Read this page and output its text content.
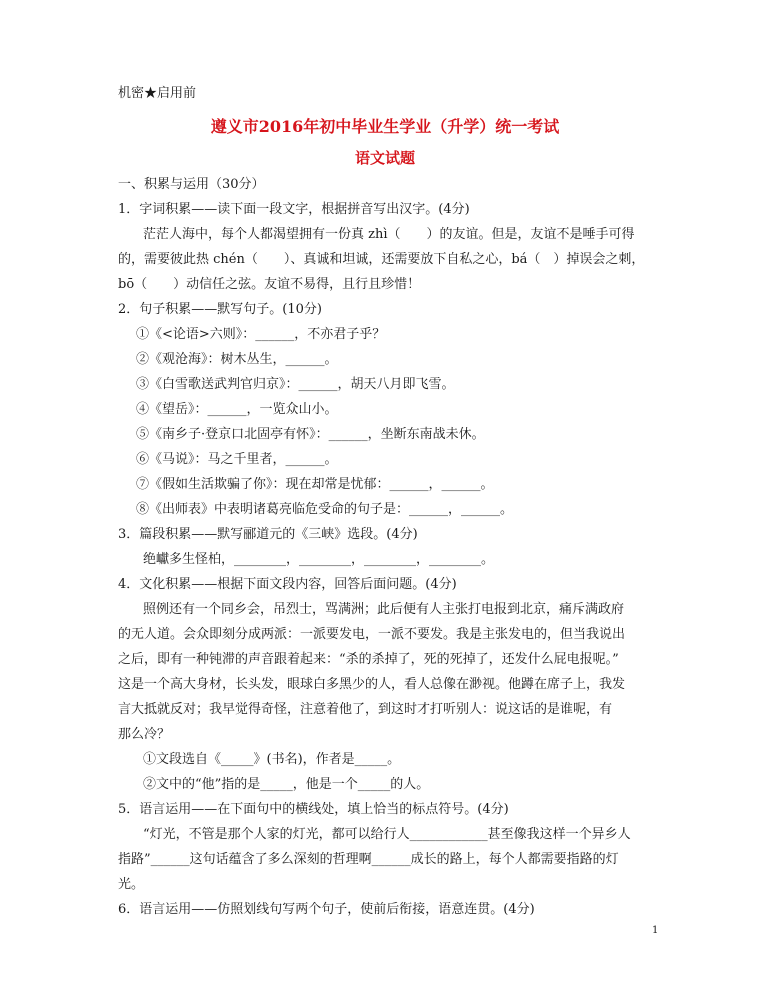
机密★启用前
遵义市2016年初中毕业生学业（升学）统一考试
语文试题
一、积累与运用（30分）
1．字词积累——读下面一段文字，根据拼音写出汉字。(4分)
茫茫人海中，每个人都渴望拥有一份真 zhì（　　）的友谊。但是，友谊不是唾手可得
的，需要彼此热 chén（　　）、真诚和坦诚，还需要放下自私之心，bá（　）掉误会之刺，
bō（　　）动信任之弦。友谊不易得，且行且珍惜！
2．句子积累——默写句子。(10分)
①《<论语>六则》：______，不亦君子乎？
②《观沧海》：树木丛生，______。
③《白雪歌送武判官归京》：______，胡天八月即飞雪。
④《望岳》：______，一览众山小。
⑤《南乡子·登京口北固亭有怀》：______，坐断东南战未休。
⑥《马说》：马之千里者，______。
⑦《假如生活欺骗了你》：现在却常是忧郁：______，______。
⑧《出师表》中表明诸葛亮临危受命的句子是：______，______。
3．篇段积累——默写郦道元的《三峡》选段。(4分)
绝巘多生怪柏，________，________，________，________。
4．文化积累——根据下面文段内容，回答后面问题。(4分)
照例还有一个同乡会，吊烈士，骂满洲；此后便有人主张打电报到北京，痛斥满政府
的无人道。会众即刻分成两派：一派要发电，一派不要发。我是主张发电的，但当我说出
之后，即有一种钝滞的声音跟着起来：“杀的杀掉了，死的死掉了，还发什么屁电报呢。”
这是一个高大身材，长头发，眼球白多黑少的人，看人总像在渺视。他蹲在席子上，我发
言大抵就反对；我早觉得奇怪，注意着他了，到这时才打听别人：说这话的是谁呢，有
那么冷？
①文段选自《_____》(书名)，作者是_____。
②文中的“他”指的是_____，他是一个_____的人。
5．语言运用——在下面句中的横线处，填上恰当的标点符号。(4分)
“灯光，不管是那个人家的灯光，都可以给行人____________甚至像我这样一个异乡人
指路”______这句话蕴含了多么深刻的哲理啊______成长的路上，每个人都需要指路的灯
光。
6．语言运用——仿照划线句写两个句子，使前后衔接，语意连贯。(4分)
1
